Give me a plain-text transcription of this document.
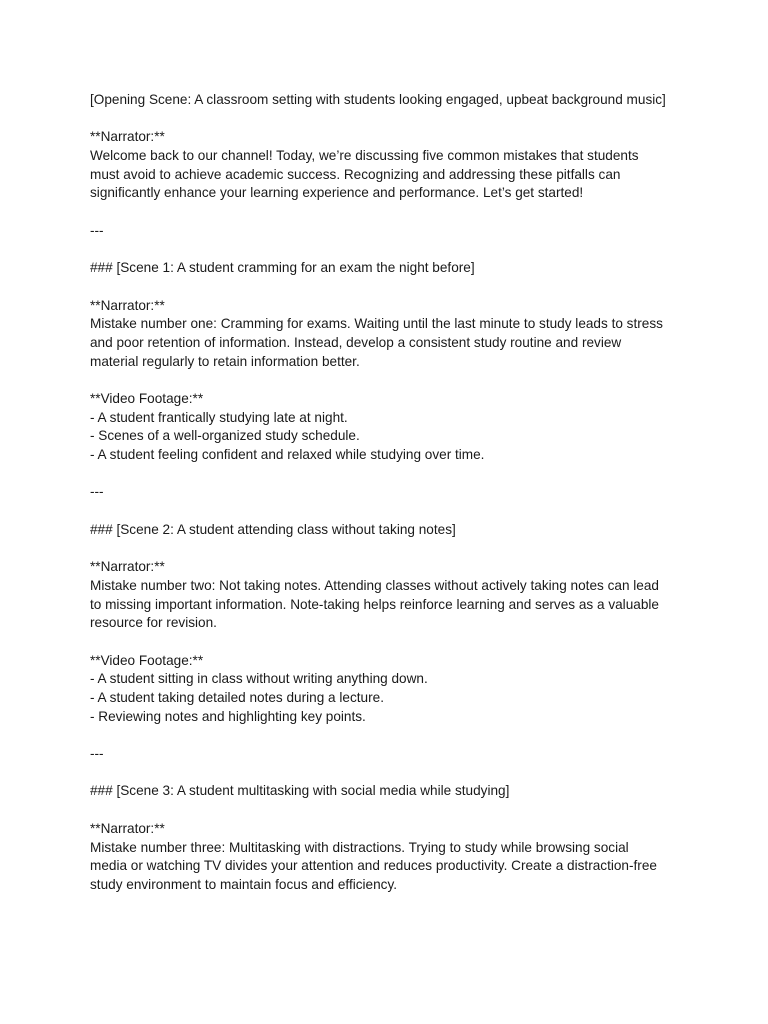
[Opening Scene: A classroom setting with students looking engaged, upbeat background music]
**Narrator:**
Welcome back to our channel! Today, we’re discussing five common mistakes that students
must avoid to achieve academic success. Recognizing and addressing these pitfalls can
significantly enhance your learning experience and performance. Let’s get started!
---
### [Scene 1: A student cramming for an exam the night before]
**Narrator:**
Mistake number one: Cramming for exams. Waiting until the last minute to study leads to stress
and poor retention of information. Instead, develop a consistent study routine and review
material regularly to retain information better.
**Video Footage:**
- A student frantically studying late at night.
- Scenes of a well-organized study schedule.
- A student feeling confident and relaxed while studying over time.
---
### [Scene 2: A student attending class without taking notes]
**Narrator:**
Mistake number two: Not taking notes. Attending classes without actively taking notes can lead
to missing important information. Note-taking helps reinforce learning and serves as a valuable
resource for revision.
**Video Footage:**
- A student sitting in class without writing anything down.
- A student taking detailed notes during a lecture.
- Reviewing notes and highlighting key points.
---
### [Scene 3: A student multitasking with social media while studying]
**Narrator:**
Mistake number three: Multitasking with distractions. Trying to study while browsing social
media or watching TV divides your attention and reduces productivity. Create a distraction-free
study environment to maintain focus and efficiency.
